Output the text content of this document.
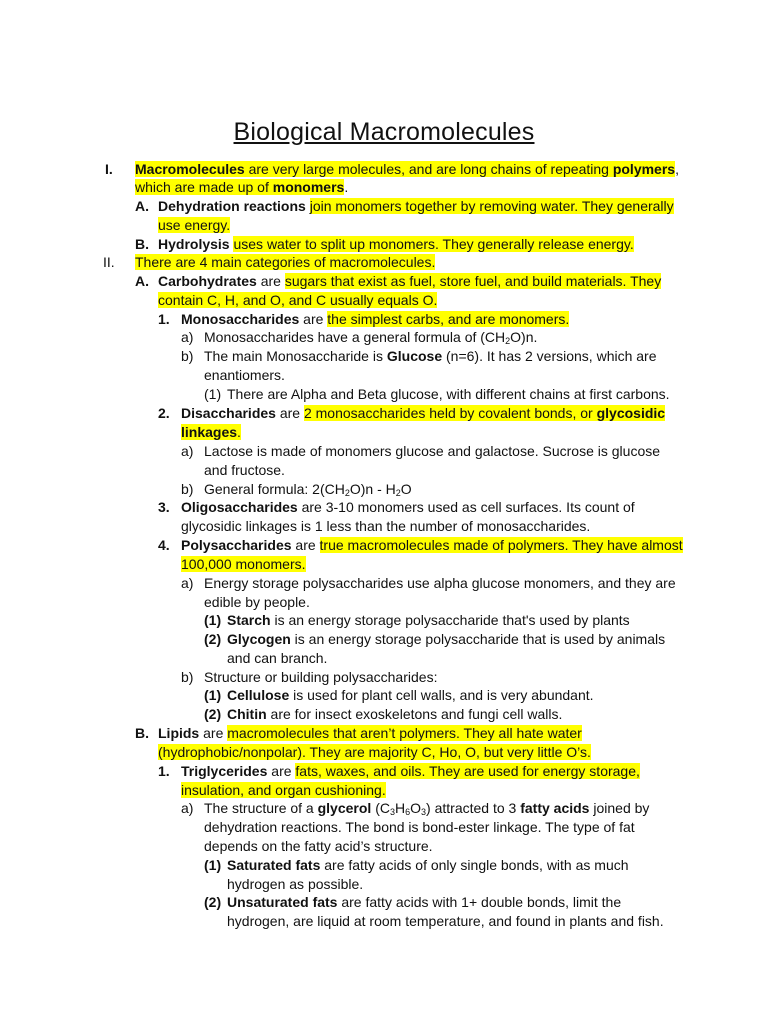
Biological Macromolecules
I. Macromolecules are very large molecules, and are long chains of repeating polymers,
which are made up of monomers.
A. Dehydration reactions join monomers together by removing water. They generally
use energy.
B. Hydrolysis uses water to split up monomers. They generally release energy.
II. There are 4 main categories of macromolecules.
A. Carbohydrates are sugars that exist as fuel, store fuel, and build materials. They
contain C, H, and O, and C usually equals O.
1. Monosaccharides are the simplest carbs, and are monomers.
a) Monosaccharides have a general formula of $(CH_2O)n$.
b) The main Monosaccharide is Glucose (n=6). It has 2 versions, which are
enantiomers.
(1) There are Alpha and Beta glucose, with different chains at first carbons.
2. Disaccharides are 2 monosaccharides held by covalent bonds, or glycosidic
linkages.
a) Lactose is made of monomers glucose and galactose. Sucrose is glucose
and fructose.
b) General formula: $2(CH_2O)n - H_2O$
3. Oligosaccharides are 3-10 monomers used as cell surfaces. Its count of
glycosidic linkages is 1 less than the number of monosaccharides.
4. Polysaccharides are true macromolecules made of polymers. They have almost
100,000 monomers.
a) Energy storage polysaccharides use alpha glucose monomers, and they are
edible by people.
(1) Starch is an energy storage polysaccharide that's used by plants
(2) Glycogen is an energy storage polysaccharide that is used by animals
and can branch.
b) Structure or building polysaccharides:
(1) Cellulose is used for plant cell walls, and is very abundant.
(2) Chitin are for insect exoskeletons and fungi cell walls.
B. Lipids are macromolecules that aren’t polymers. They all hate water
(hydrophobic/nonpolar). They are majority C, Ho, O, but very little O’s.
1. Triglycerides are fats, waxes, and oils. They are used for energy storage,
insulation, and organ cushioning.
a) The structure of a glycerol $(C_3H_6O_3)$ attracted to 3 fatty acids joined by
dehydration reactions. The bond is bond-ester linkage. The type of fat
depends on the fatty acid’s structure.
(1) Saturated fats are fatty acids of only single bonds, with as much
hydrogen as possible.
(2) Unsaturated fats are fatty acids with 1+ double bonds, limit the
hydrogen, are liquid at room temperature, and found in plants and fish.
